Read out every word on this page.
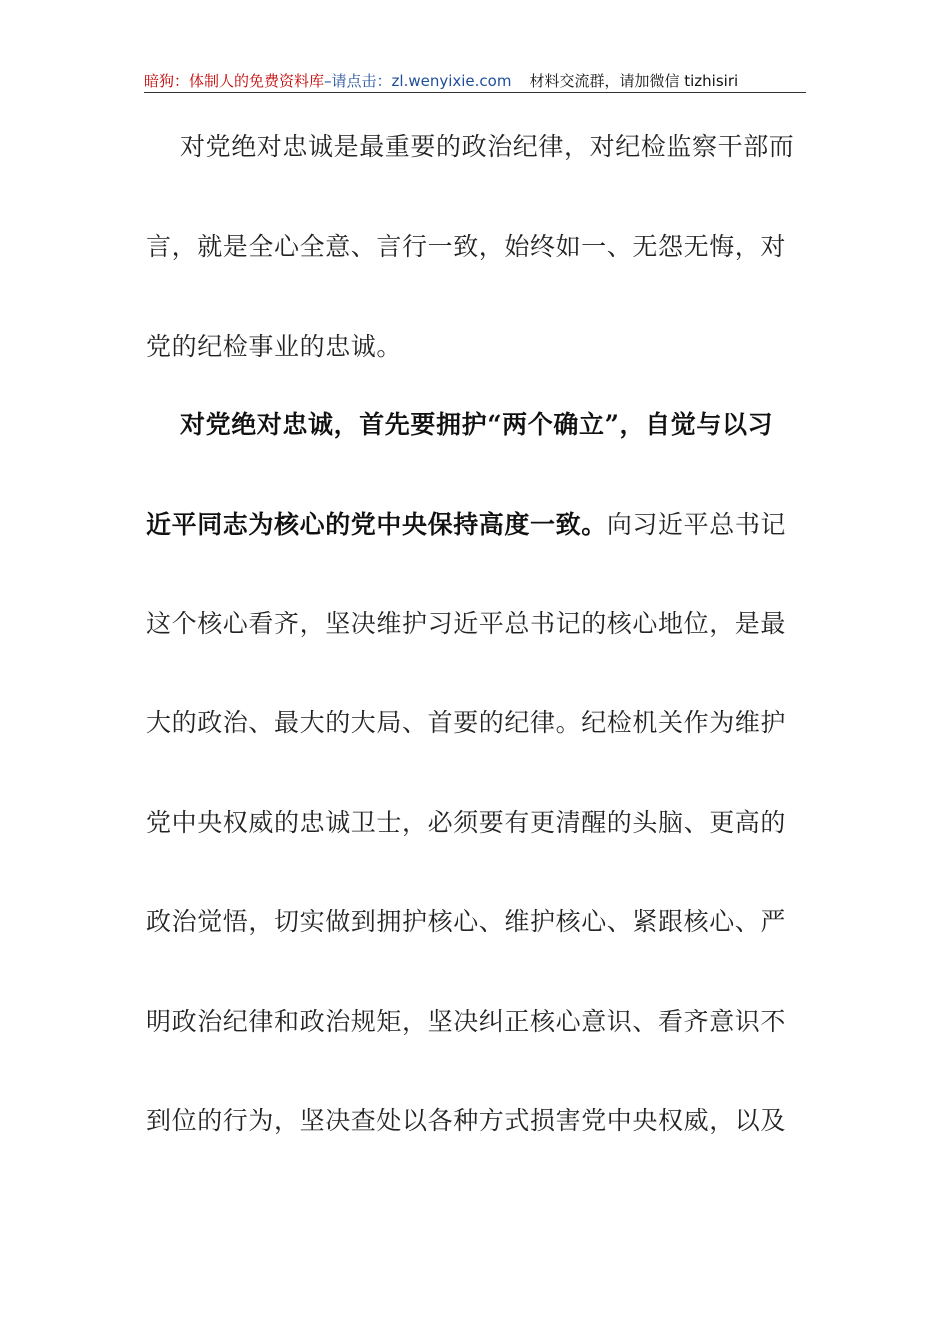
暗狗：体制人的免费资料库–请点击：zl.wenyixie.com 材料交流群，请加微信 tizhisiri
对党绝对忠诚是最重要的政治纪律，对纪检监察干部而
言，就是全心全意、言行一致，始终如一、无怨无悔，对
党的纪检事业的忠诚。
对党绝对忠诚，首先要拥护“两个确立”，自觉与以习
近平同志为核心的党中央保持高度一致。向习近平总书记
这个核心看齐，坚决维护习近平总书记的核心地位，是最
大的政治、最大的大局、首要的纪律。纪检机关作为维护
党中央权威的忠诚卫士，必须要有更清醒的头脑、更高的
政治觉悟，切实做到拥护核心、维护核心、紧跟核心、严
明政治纪律和政治规矩，坚决纠正核心意识、看齐意识不
到位的行为，坚决查处以各种方式损害党中央权威，以及
